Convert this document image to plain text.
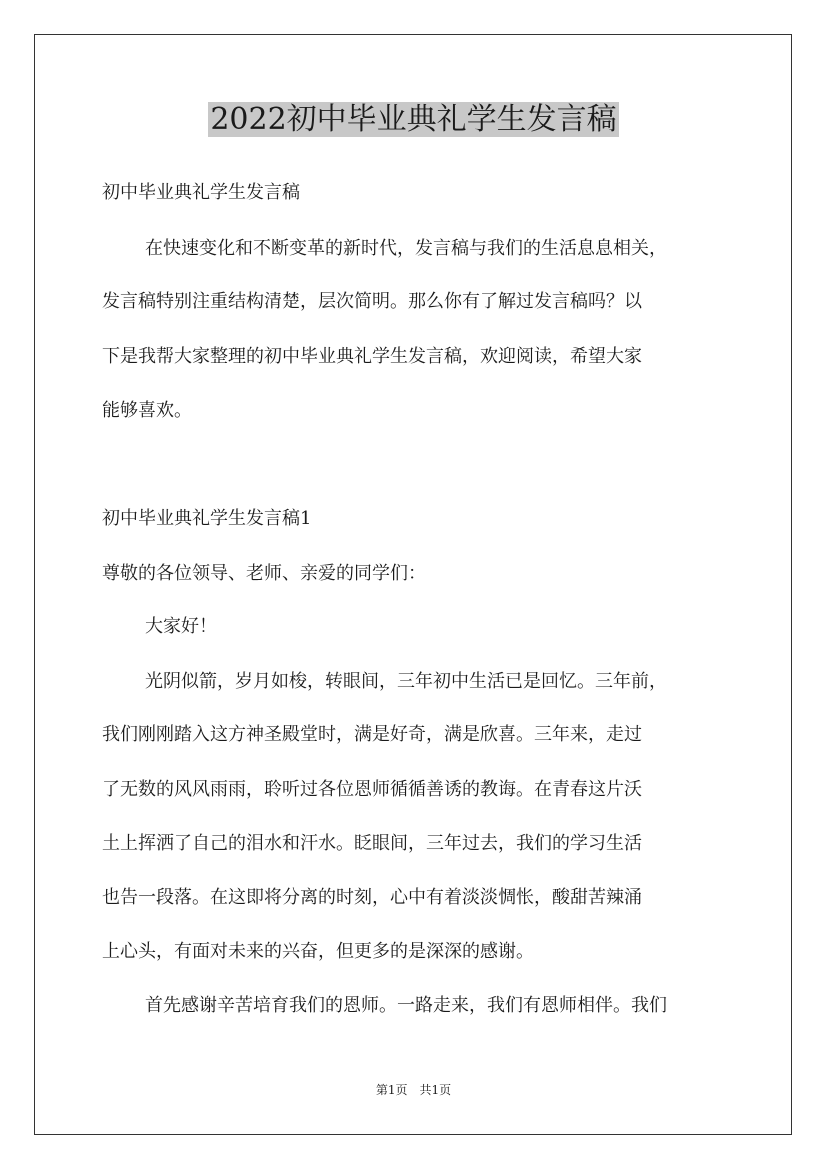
2022初中毕业典礼学生发言稿
初中毕业典礼学生发言稿
在快速变化和不断变革的新时代，发言稿与我们的生活息息相关，
发言稿特别注重结构清楚，层次简明。那么你有了解过发言稿吗？以
下是我帮大家整理的初中毕业典礼学生发言稿，欢迎阅读，希望大家
能够喜欢。
初中毕业典礼学生发言稿1
尊敬的各位领导、老师、亲爱的同学们：
大家好！
光阴似箭，岁月如梭，转眼间，三年初中生活已是回忆。三年前，
我们刚刚踏入这方神圣殿堂时，满是好奇，满是欣喜。三年来，走过
了无数的风风雨雨，聆听过各位恩师循循善诱的教诲。在青春这片沃
土上挥洒了自己的泪水和汗水。眨眼间，三年过去，我们的学习生活
也告一段落。在这即将分离的时刻，心中有着淡淡惆怅，酸甜苦辣涌
上心头，有面对未来的兴奋，但更多的是深深的感谢。
首先感谢辛苦培育我们的恩师。一路走来，我们有恩师相伴。我们
第1页　共1页
